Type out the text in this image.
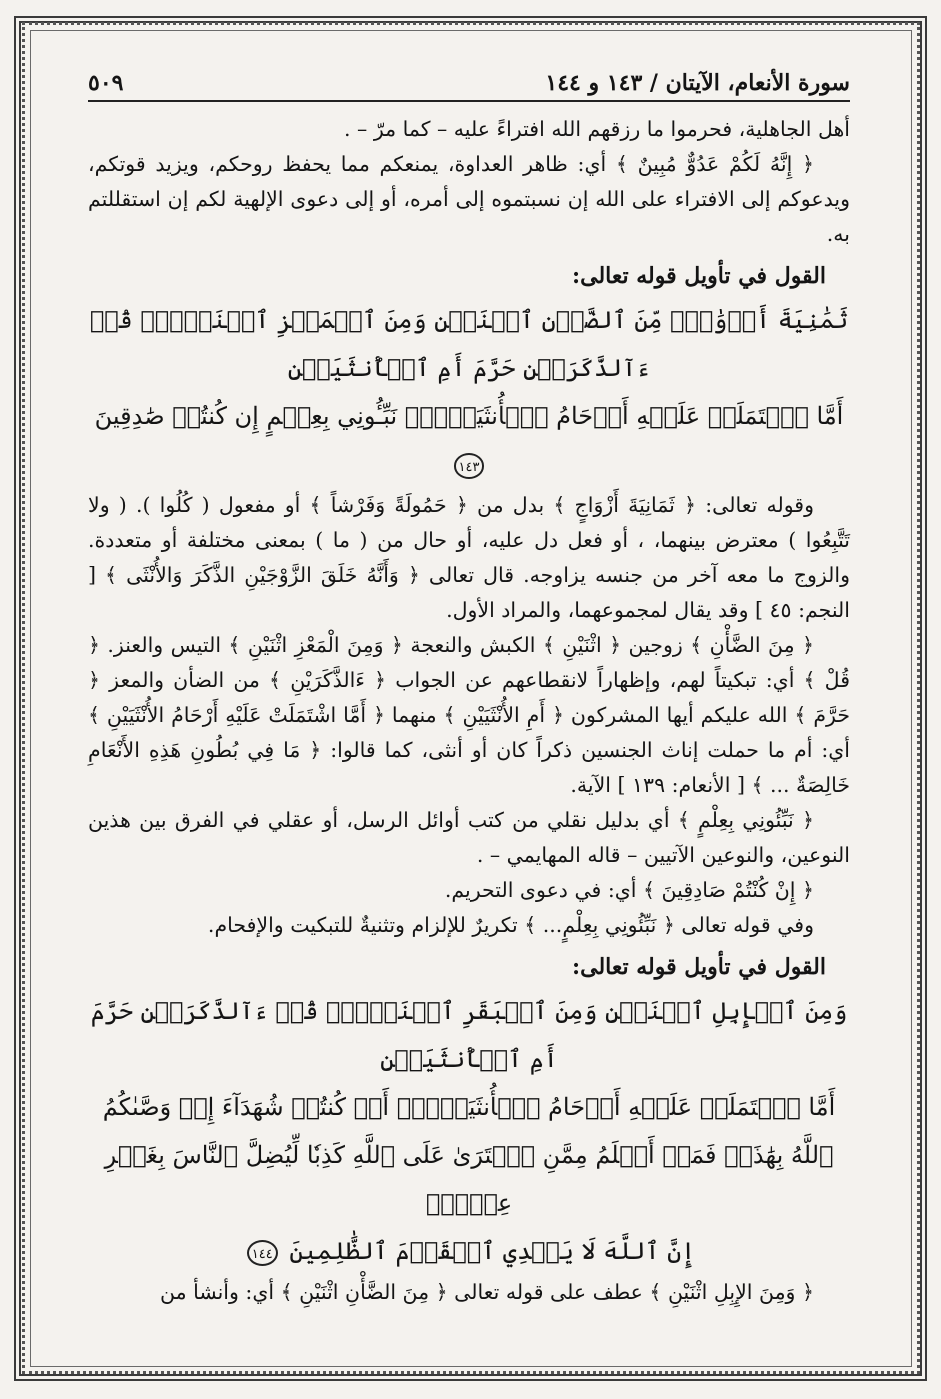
سورة الأنعام، الآيتان / ١٤٣ و ١٤٤
٥٠٩

أهل الجاهلية، فحرموا ما رزقهم الله افتراءً عليه – كما مرّ – .

﴿ إِنَّهُ لَكُمْ عَدُوٌّ مُبِينٌ ﴾ أي: ظاهر العداوة، يمنعكم مما يحفظ روحكم، ويزيد قوتكم، ويدعوكم إلى الافتراء على الله إن نسبتموه إلى أمره، أو إلى دعوى الإلهية لكم إن استقللتم به.

القول في تأويل قوله تعالى:

ثَمَٰنِيَةَ أَزۡوَٰجٖۖ مِّنَ ٱلضَّأۡنِ ٱثۡنَيۡنِ وَمِنَ ٱلۡمَعۡزِ ٱثۡنَيۡنِۗ قُلۡ ءَآلذَّكَرَيۡنِ حَرَّمَ أَمِ ٱلۡأُنثَيَيۡنِ

أَمَّا ٱشۡتَمَلَتۡ عَلَيۡهِ أَرۡحَامُ ٱلۡأُنثَيَيۡنِۖ نَبِّـُٔونِي بِعِلۡمٍ إِن كُنتُمۡ صَٰدِقِينَ ١٤٣

وقوله تعالى: ﴿ ثَمَانِيَةَ أَزْوَاجٍ ﴾ بدل من ﴿ حَمُولَةً وَفَرْشاً ﴾ أو مفعول ( كُلُوا ). ( ولا تَتَّبِعُوا ) معترض بينهما، ، أو فعل دل عليه، أو حال من ( ما ) بمعنى مختلفة أو متعددة. والزوج ما معه آخر من جنسه يزاوجه. قال تعالى ﴿ وَأَنَّهُ خَلَقَ الزَّوْجَيْنِ الذَّكَرَ وَالأُنْثَى ﴾ [ النجم: ٤٥ ] وقد يقال لمجموعهما، والمراد الأول.

﴿ مِنَ الضَّأْنِ ﴾ زوجين ﴿ اثْنَيْنِ ﴾ الكبش والنعجة ﴿ وَمِنَ الْمَعْزِ اثْنَيْنِ ﴾ التيس والعنز. ﴿ قُلْ ﴾ أي: تبكيتاً لهم، وإظهاراً لانقطاعهم عن الجواب ﴿ ءَالذَّكَرَيْنِ ﴾ من الضأن والمعز ﴿ حَرَّمَ ﴾ الله عليكم أيها المشركون ﴿ أَمِ الأُنْثَيَيْنِ ﴾ منهما ﴿ أَمَّا اشْتَمَلَتْ عَلَيْهِ أَرْحَامُ الأُنْثَيَيْنِ ﴾ أي: أم ما حملت إناث الجنسين ذكراً كان أو أنثى، كما قالوا: ﴿ مَا فِي بُطُونِ هَذِهِ الأَنْعَامِ خَالِصَةٌ ... ﴾ [ الأنعام: ١٣٩ ] الآية.

﴿ نَبِّئُونِي بِعِلْمٍ ﴾ أي بدليل نقلي من كتب أوائل الرسل، أو عقلي في الفرق بين هذين النوعين، والنوعين الآتيين – قاله المهايمي – .

﴿ إِنْ كُنْتُمْ صَادِقِينَ ﴾ أي: في دعوى التحريم.

وفي قوله تعالى ﴿ نَبِّئُونِي بِعِلْمٍ... ﴾ تكريرٌ للإلزام وتثنيةٌ للتبكيت والإفحام.

القول في تأويل قوله تعالى:

وَمِنَ ٱلۡإِبِلِ ٱثۡنَيۡنِ وَمِنَ ٱلۡبَقَرِ ٱثۡنَيۡنِۗ قُلۡ ءَآلذَّكَرَيۡنِ حَرَّمَ أَمِ ٱلۡأُنثَيَيۡنِ

أَمَّا ٱشۡتَمَلَتۡ عَلَيۡهِ أَرۡحَامُ ٱلۡأُنثَيَيۡنِۖ أَمۡ كُنتُمۡ شُهَدَآءَ إِذۡ وَصَّىٰكُمُ

ٱللَّهُ بِهَٰذَاۚ فَمَنۡ أَظۡلَمُ مِمَّنِ ٱفۡتَرَىٰ عَلَى ٱللَّهِ كَذِبٗا لِّيُضِلَّ ٱلنَّاسَ بِغَيۡرِ عِلۡمٍۚ

إِنَّ ٱللَّهَ لَا يَهۡدِي ٱلۡقَوۡمَ ٱلظَّٰلِمِينَ ١٤٤

﴿ وَمِنَ الإِبِلِ اثْنَيْنِ ﴾ عطف على قوله تعالى ﴿ مِنَ الضَّأْنِ اثْنَيْنِ ﴾ أي: وأنشأ من
